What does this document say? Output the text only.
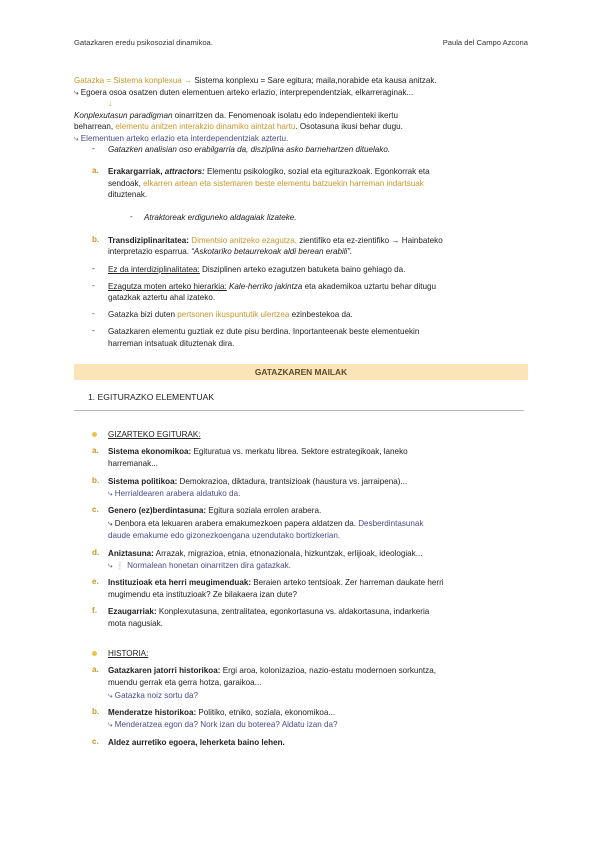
Gatazkaren eredu psikosozial dinamikoa.	Paula del Campo Azcona
Gatazka = Sistema konplexua → Sistema konplexu = Sare egitura; maila,norabide eta kausa anitzak.
⤷ Egoera osoa osatzen duten elementuen arteko erlazio, interprependentziak, elkarreraginak...
↓
Konplexutasun paradigman oinarritzen da. Fenomenoak isolatu edo independienteki ikertu
beharrean, elementu anitzen interakzio dinamiko aintzat hartu. Osotasuna ikusi behar dugu.
⤷ Elementuen arteko erlazio eta interdependentziak aztertu.
- Gatazken analisian oso erabilgarria da, disziplina asko barnehartzen dituelako.
a. Erakargarriak, attractors: Elementu psikologiko, sozial eta egiturazkoak. Egonkorrak eta
sendoak, elkarren artean eta sistemaren beste elementu batzuekin harreman indartsuak
dituztenak.
- Atraktoreak erdiguneko aldagaiak lizateke.
b. Transdiziplinaritatea: Dimentsio anitzeko ezagutza, zientifiko eta ez-zientifiko → Hainbateko
interpretazio esparrua. “Askotariko betaurrekoak aldi berean erabili”.
- Ez da interdiziplinalitatea: Disziplinen arteko ezagutzen batuketa baino gehiago da.
- Ezagutza moten arteko hierarkia: Kale-herriko jakintza eta akademikoa uztartu behar ditugu
gatazkak aztertu ahal izateko.
- Gatazka bizi duten pertsonen ikuspuntutik ulertzea ezinbestekoa da.
- Gatazkaren elementu guztiak ez dute pisu berdina. Inportanteenak beste elementuekin
harreman intsatuak dituztenak dira.
GATAZKAREN MAILAK
1. EGITURAZKO ELEMENTUAK
GIZARTEKO EGITURAK:
a. Sistema ekonomikoa: Egituratua vs. merkatu librea. Sektore estrategikoak, laneko
harremanak...
b. Sistema politikoa: Demokrazioa, diktadura, trantsizioak (haustura vs. jarraipena)...
⤷ Herrialdearen arabera aldatuko da.
c. Genero (ez)berdintasuna: Egitura soziala errolen arabera.
⤷ Denbora eta lekuaren arabera emakumezkoen papera aldatzen da. Desberdintasunak
daude emakume edo gizonezkoengana uzendutako bortizkerian.
d. Aniztasuna: Arrazak, migrazioa, etnia, etnonazionala, hizkuntzak, erlijioak, ideologiak...
⤷ ❕ Normalean honetan oinarritzen dira gatazkak.
e. Instituzioak eta herri meugimenduak: Beraien arteko tentsioak. Zer harreman daukate herri
mugimendu eta instituzioak? Ze bilakaera izan dute?
f. Ezaugarriak: Konplexutasuna, zentralitatea, egonkortasuna vs. aldakortasuna, indarkeria
mota nagusiak.
HISTORIA:
a. Gatazkaren jatorri historikoa: Ergi aroa, kolonizazioa, nazio-estatu modernoen sorkuntza,
muendu gerrak eta gerra hotza, garaikoa...
⤷ Gatazka noiz sortu da?
b. Menderatze historikoa: Politiko, etniko, soziala, ekonomikoa...
⤷ Menderatzea egon da? Nork izan du boterea? Aldatu izan da?
c. Aldez aurretiko egoera, leherketa baino lehen.
